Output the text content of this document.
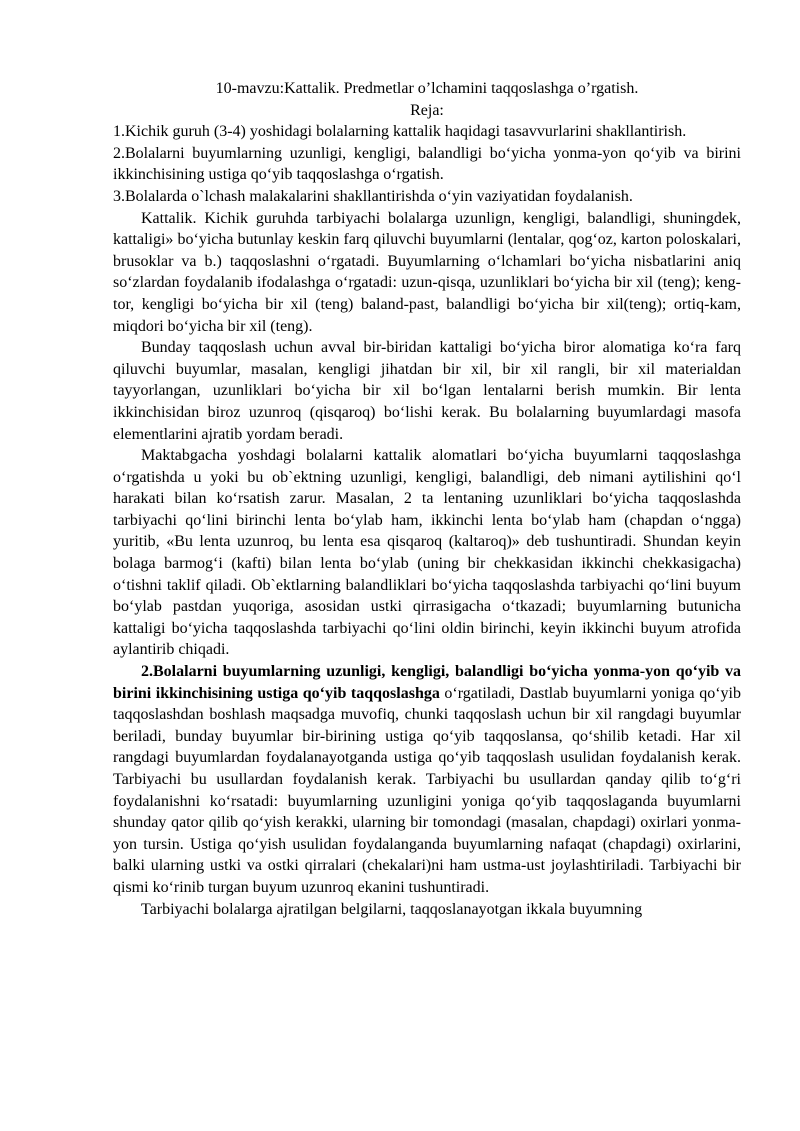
10-mavzu:Kattalik. Predmetlar o’lchamini taqqoslashga o’rgatish.
Reja:

1.Kichik guruh (3-4) yoshidagi bolalarning kattalik haqidagi tasavvurlarini shakllantirish.

2.Bolalarni buyumlarning uzunligi, kengligi, balandligi boʻyicha yonma-yon qoʻyib va birini ikkinchisining ustiga qoʻyib taqqoslashga oʻrgatish.

3.Bolalarda o`lchash malakalarini shakllantirishda oʻyin vaziyatidan foydalanish.

Kattalik. Kichik guruhda tarbiyachi bolalarga uzunlign, kengligi, balandligi, shuningdek, kattaligi» boʻyicha butunlay keskin farq qiluvchi buyumlarni (lentalar, qogʻoz, karton poloskalari, brusoklar va b.) taqqoslashni oʻrgatadi. Buyumlarning oʻlchamlari boʻyicha nisbatlarini aniq soʻzlardan foydalanib ifodalashga oʻrgatadi: uzun-qisqa, uzunliklari boʻyicha bir xil (teng); keng-tor, kengligi boʻyicha bir xil (teng) baland-past, balandligi boʻyicha bir xil(teng); ortiq-kam, miqdori boʻyicha bir xil (teng).

Bunday taqqoslash uchun avval bir-biridan kattaligi boʻyicha biror alomatiga koʻra farq qiluvchi buyumlar, masalan, kengligi jihatdan bir xil, bir xil rangli, bir xil materialdan tayyorlangan, uzunliklari boʻyicha bir xil boʻlgan lentalarni berish mumkin. Bir lenta ikkinchisidan biroz uzunroq (qisqaroq) boʻlishi kerak. Bu bolalarning buyumlardagi masofa elementlarini ajratib yordam beradi.

Maktabgacha yoshdagi bolalarni kattalik alomatlari boʻyicha buyumlarni taqqoslashga oʻrgatishda u yoki bu ob`ektning uzunligi, kengligi, balandligi, deb nimani aytilishini qoʻl harakati bilan koʻrsatish zarur. Masalan, 2 ta lentaning uzunliklari boʻyicha taqqoslashda tarbiyachi qoʻlini birinchi lenta boʻylab ham, ikkinchi lenta boʻylab ham (chapdan oʻngga) yuritib, «Bu lenta uzunroq, bu lenta esa qisqaroq (kaltaroq)» deb tushuntiradi. Shundan keyin bolaga barmogʻi (kafti) bilan lenta boʻylab (uning bir chekkasidan ikkinchi chekkasigacha) oʻtishni taklif qiladi. Ob`ektlarning balandliklari boʻyicha taqqoslashda tarbiyachi qoʻlini buyum boʻylab pastdan yuqoriga, asosidan ustki qirrasigacha oʻtkazadi; buyumlarning butunicha kattaligi boʻyicha taqqoslashda tarbiyachi qoʻlini oldin birinchi, keyin ikkinchi buyum atrofida aylantirib chiqadi.

2.Bolalarni buyumlarning uzunligi, kengligi, balandligi boʻyicha yonma-yon qoʻyib va birini ikkinchisining ustiga qoʻyib taqqoslashga oʻrgatiladi, Dastlab buyumlarni yoniga qoʻyib taqqoslashdan boshlash maqsadga muvofiq, chunki taqqoslash uchun bir xil rangdagi buyumlar beriladi, bunday buyumlar bir-birining ustiga qoʻyib taqqoslansa, qoʻshilib ketadi. Har xil rangdagi buyumlardan foydalanayotganda ustiga qoʻyib taqqoslash usulidan foydalanish kerak. Tarbiyachi bu usullardan foydalanish kerak. Tarbiyachi bu usullardan qanday qilib toʻgʻri foydalanishni koʻrsatadi: buyumlarning uzunligini yoniga qoʻyib taqqoslaganda buyumlarni shunday qator qilib qoʻyish kerakki, ularning bir tomondagi (masalan, chapdagi) oxirlari yonma-yon tursin. Ustiga qoʻyish usulidan foydalanganda buyumlarning nafaqat (chapdagi) oxirlarini, balki ularning ustki va ostki qirralari (chekalari)ni ham ustma-ust joylashtiriladi. Tarbiyachi bir qismi koʻrinib turgan buyum uzunroq ekanini tushuntiradi.

Tarbiyachi bolalarga ajratilgan belgilarni, taqqoslanayotgan ikkala buyumning
